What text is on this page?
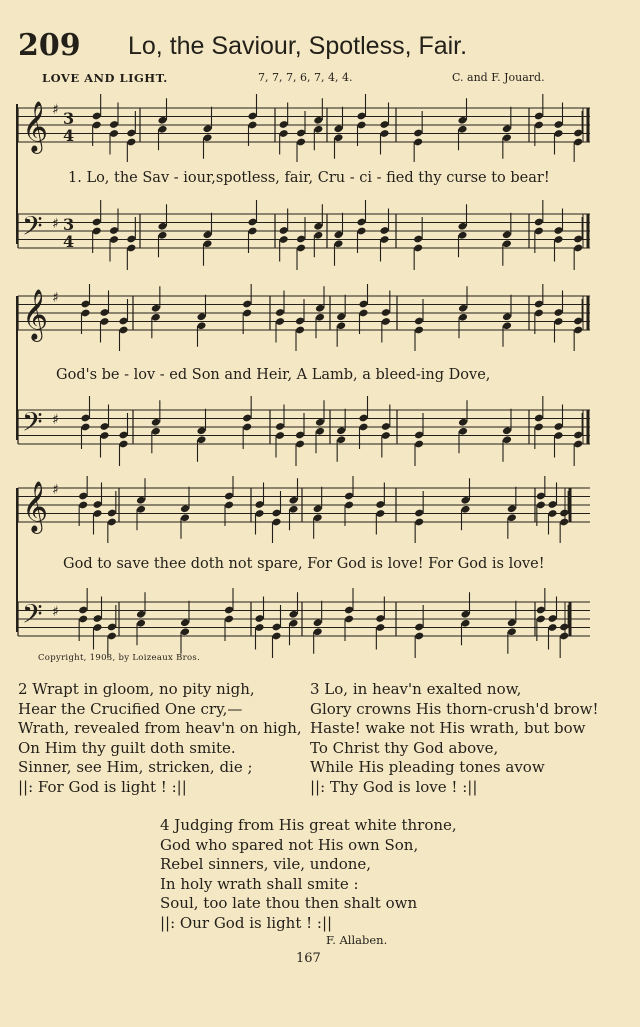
209 Lo, the Saviour, Spotless, Fair.
LOVE AND LIGHT.	7, 7, 7, 6, 7, 4, 4.	C. and F. Jouard.
𝄞 ♯ 3
4
𝄢 ♯ 3
4
𝄞 ♯
𝄢 ♯
𝄞 ♯
𝄢 ♯
1. Lo, the Sav - iour,spotless, fair, Cru - ci - fied thy curse to bear!
God's be - lov - ed Son and Heir, A Lamb, a bleed-ing Dove,
God to save thee doth not spare, For God is love! For God is love!
Copyright, 1903, by Loizeaux Bros.
2 Wrapt in gloom, no pity nigh,
Hear the Crucified One cry,—
Wrath, revealed from heav'n on high,
On Him thy guilt doth smite.
Sinner, see Him, stricken, die ;
||: For God is light ! :||
3 Lo, in heav'n exalted now,
Glory crowns His thorn-crush'd brow!
Haste! wake not His wrath, but bow
To Christ thy God above,
While His pleading tones avow
||: Thy God is love ! :||
4 Judging from His great white throne,
God who spared not His own Son,
Rebel sinners, vile, undone,
In holy wrath shall smite :
Soul, too late thou then shalt own
||: Our God is light ! :||
F. Allaben.
167
